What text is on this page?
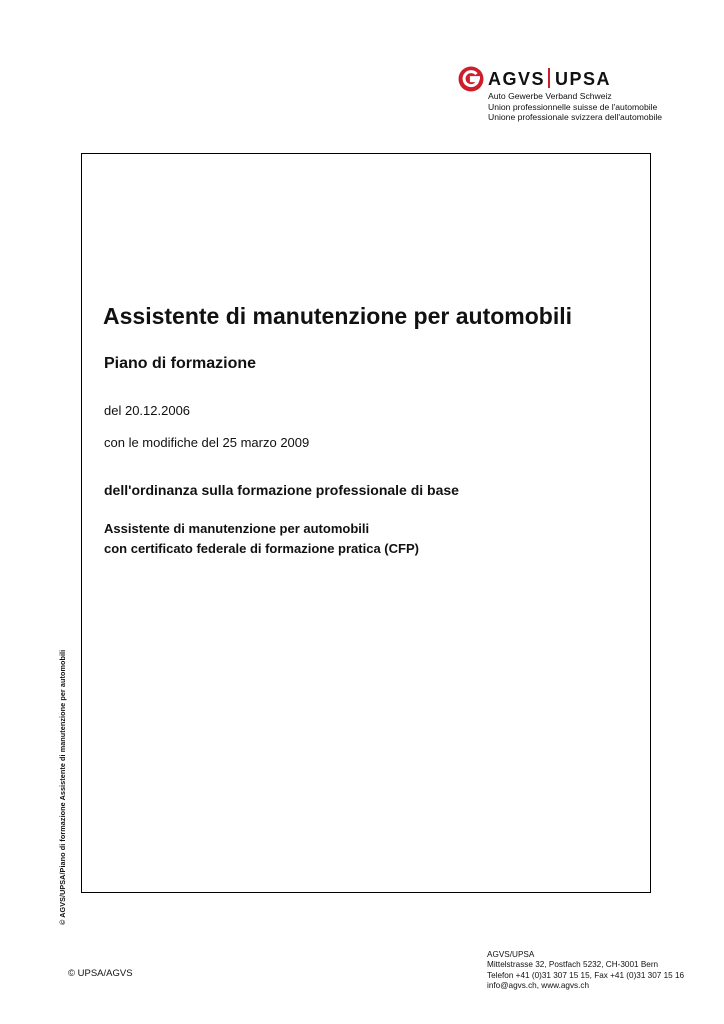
AGVS UPSA
Auto Gewerbe Verband Schweiz
Union professionnelle suisse de l'automobile
Unione professionale svizzera dell'automobile
Assistente di manutenzione per automobili
Piano di formazione
del 20.12.2006
con le modifiche del 25 marzo 2009
dell'ordinanza sulla formazione professionale di base
Assistente di manutenzione per automobili
con certificato federale di formazione pratica (CFP)
© AGVS/UPSA/Piano di formazione Assistente di manutenzione per automobili
© UPSA/AGVS
AGVS/UPSA
Mittelstrasse 32, Postfach 5232, CH-3001 Bern
Telefon +41 (0)31 307 15 15, Fax +41 (0)31 307 15 16
info@agvs.ch, www.agvs.ch
